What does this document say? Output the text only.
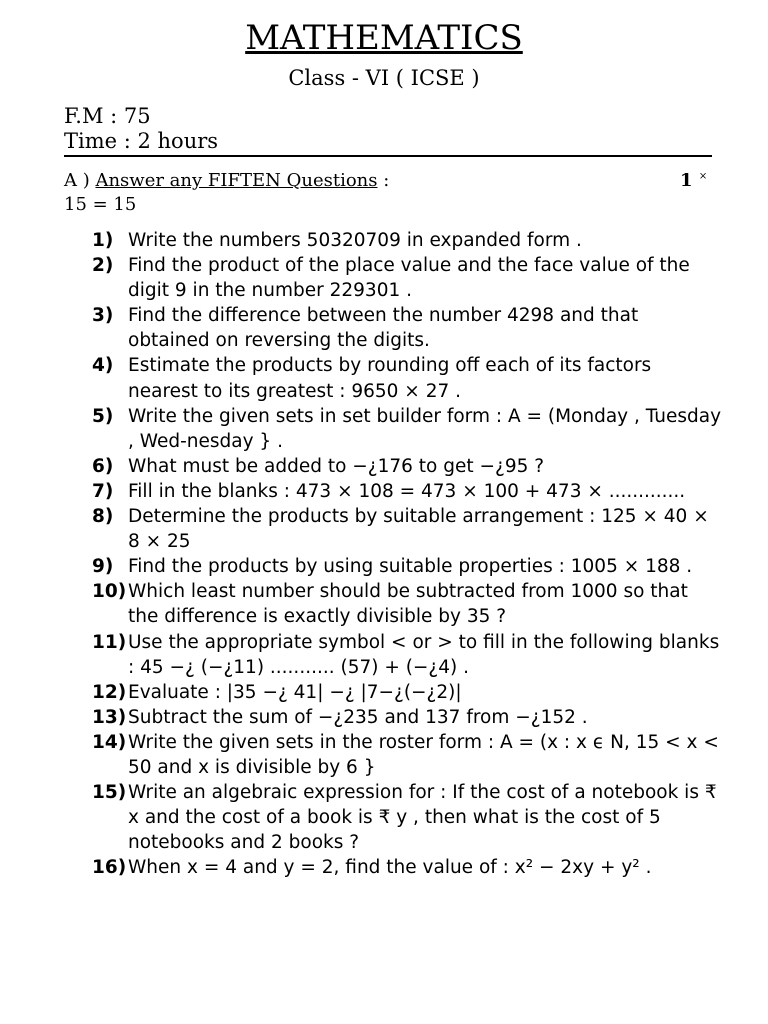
MATHEMATICS
Class - VI ( ICSE )
F.M : 75
Time : 2 hours
A ) Answer any FIFTEN Questions :	1 ×
15 = 15
1) Write the numbers 50320709 in expanded form .
2) Find the product of the place value and the face value of the digit 9 in the number 229301 .
3) Find the difference between the number 4298 and that obtained on reversing the digits.
4) Estimate the products by rounding off each of its factors nearest to its greatest : 9650 × 27 .
5) Write the given sets in set builder form : A = (Monday , Tuesday , Wed-nesday } .
6) What must be added to −¿176 to get −¿95 ?
7) Fill in the blanks : 473 × 108 = 473 × 100 + 473 × .............
8) Determine the products by suitable arrangement : 125 × 40 × 8 × 25
9) Find the products by using suitable properties : 1005 × 188 .
10) Which least number should be subtracted from 1000 so that the difference is exactly divisible by 35 ?
11) Use the appropriate symbol < or > to fill in the following blanks : 45 −¿ (−¿11) ........... (57) + (−¿4) .
12) Evaluate : |35 −¿ 41| −¿ |7−¿(−¿2)|
13) Subtract the sum of −¿235 and 137 from −¿152 .
14) Write the given sets in the roster form : A = (x : x ϵ N, 15 < x < 50 and x is divisible by 6 }
15) Write an algebraic expression for : If the cost of a notebook is ₹ x and the cost of a book is ₹ y , then what is the cost of 5 notebooks and 2 books ?
16) When x = 4 and y = 2, find the value of : x² − 2xy + y² .
